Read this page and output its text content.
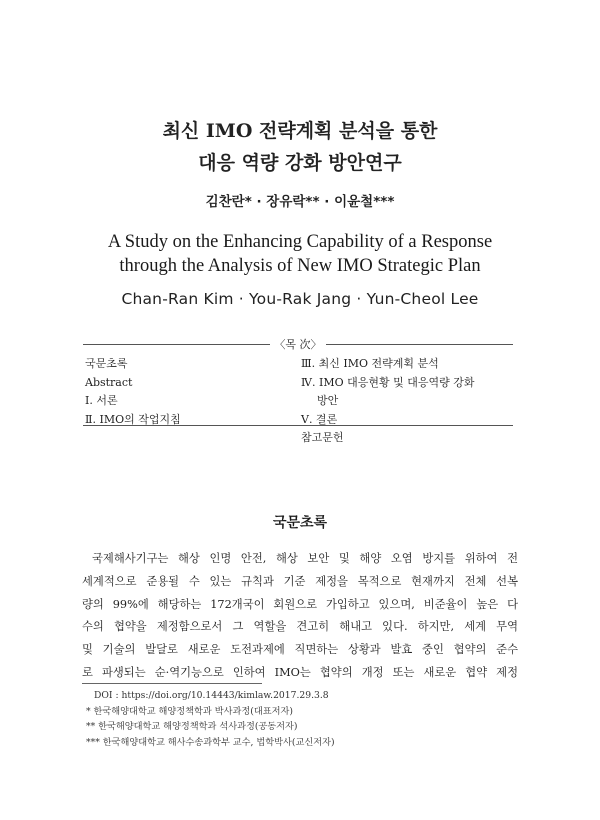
최신 IMO 전략계획 분석을 통한
대응 역량 강화 방안연구
김찬란* · 장유락** · 이윤철***
A Study on the Enhancing Capability of a Response
through the Analysis of New IMO Strategic Plan
Chan-Ran Kim · You-Rak Jang · Yun-Cheol Lee
〈목 次〉
국문초록
Abstract
Ⅰ. 서론
Ⅱ. IMO의 작업지침
Ⅲ. 최신 IMO 전략계획 분석
Ⅳ. IMO 대응현황 및 대응역량 강화
방안
Ⅴ. 결론
참고문헌
국문초록
국제해사기구는 해상 인명 안전, 해상 보안 및 해양 오염 방지를 위하여 전
세계적으로 준용될 수 있는 규칙과 기준 제정을 목적으로 현재까지 전체 선복
량의 99%에 해당하는 172개국이 회원으로 가입하고 있으며, 비준율이 높은 다
수의 협약을 제정함으로서 그 역할을 견고히 해내고 있다. 하지만, 세계 무역
및 기술의 발달로 새로운 도전과제에 직면하는 상황과 발효 중인 협약의 준수
로 파생되는 순·역기능으로 인하여 IMO는 협약의 개정 또는 새로운 협약 제정
DOI : https://doi.org/10.14443/kimlaw.2017.29.3.8
* 한국해양대학교 해양정책학과 박사과정(대표저자)
** 한국해양대학교 해양정책학과 석사과정(공동저자)
*** 한국해양대학교 해사수송과학부 교수, 법학박사(교신저자)
